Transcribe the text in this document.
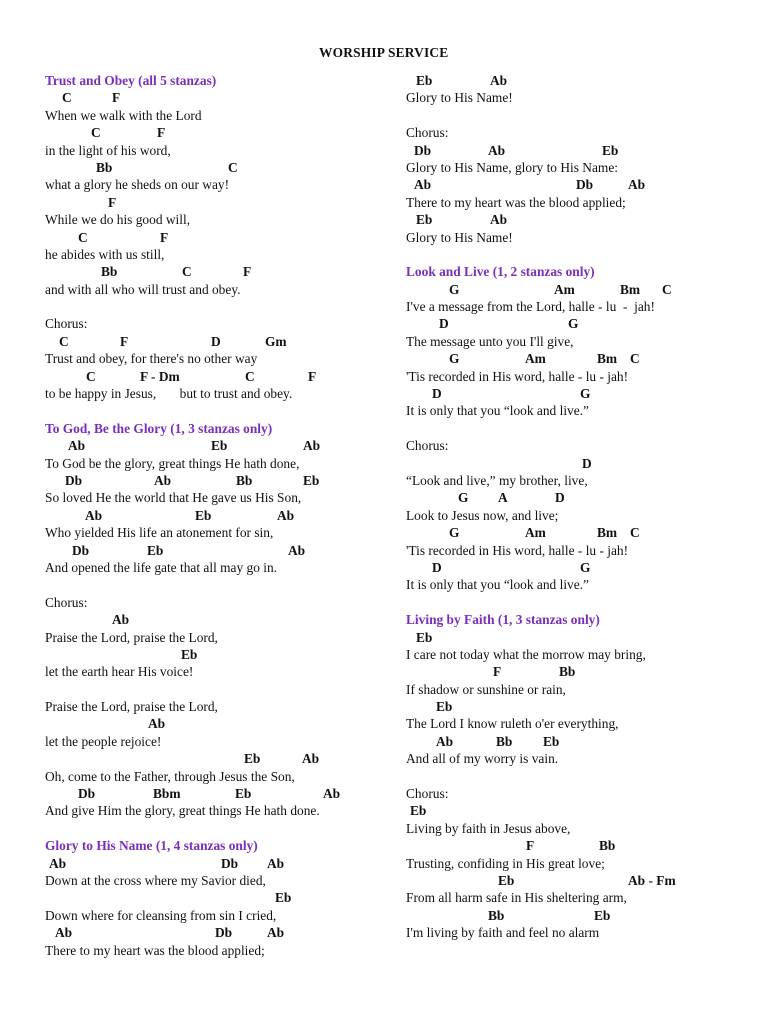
WORSHIP SERVICE
Trust and Obey (all 5 stanzas)
C	F
When we walk with the Lord
C	F
in the light of his word,
Bb	C
what a glory he sheds on our way!
F
While we do his good will,
C	F
he abides with us still,
Bb	C	F
and with all who will trust and obey.
Chorus:
C	F	D	Gm
Trust and obey, for there's no other way
C	F - Dm	C	F
to be happy in Jesus,       but to trust and obey.
To God, Be the Glory (1, 3 stanzas only)
Ab	Eb	Ab
To God be the glory, great things He hath done,
Db	Ab	Bb	Eb
So loved He the world that He gave us His Son,
Ab	Eb	Ab
Who yielded His life an atonement for sin,
Db	Eb	Ab
And opened the life gate that all may go in.
Chorus:
Ab
Praise the Lord, praise the Lord,
Eb
let the earth hear His voice!
Praise the Lord, praise the Lord,
Ab
let the people rejoice!
Eb	Ab
Oh, come to the Father, through Jesus the Son,
Db	Bbm	Eb	Ab
And give Him the glory, great things He hath done.
Glory to His Name (1, 4 stanzas only)
Ab	Db Ab
Down at the cross where my Savior died,
Eb
Down where for cleansing from sin I cried,
Ab	Db	Ab
There to my heart was the blood applied;
Eb	Ab
Glory to His Name!
Chorus:
Db	Ab	Eb
Glory to His Name, glory to His Name:
Ab	Db	Ab
There to my heart was the blood applied;
Eb	Ab
Glory to His Name!
Look and Live (1, 2 stanzas only)
G	Am	Bm C
I've a message from the Lord, halle - lu  -  jah!
D	G
The message unto you I'll give,
G	Am	Bm C
'Tis recorded in His word, halle - lu - jah!
D	G
It is only that you “look and live.”
Chorus:
D
“Look and live,” my brother, live,
G A	D
Look to Jesus now, and live;
G	Am	Bm C
'Tis recorded in His word, halle - lu - jah!
D	G
It is only that you “look and live.”
Living by Faith (1, 3 stanzas only)
Eb
I care not today what the morrow may bring,
F	Bb
If shadow or sunshine or rain,
Eb
The Lord I know ruleth o'er everything,
Ab	Bb Eb
And all of my worry is vain.
Chorus:
Eb
Living by faith in Jesus above,
F	Bb
Trusting, confiding in His great love;
Eb	Ab - Fm
From all harm safe in His sheltering arm,
Bb	Eb
I'm living by faith and feel no alarm
